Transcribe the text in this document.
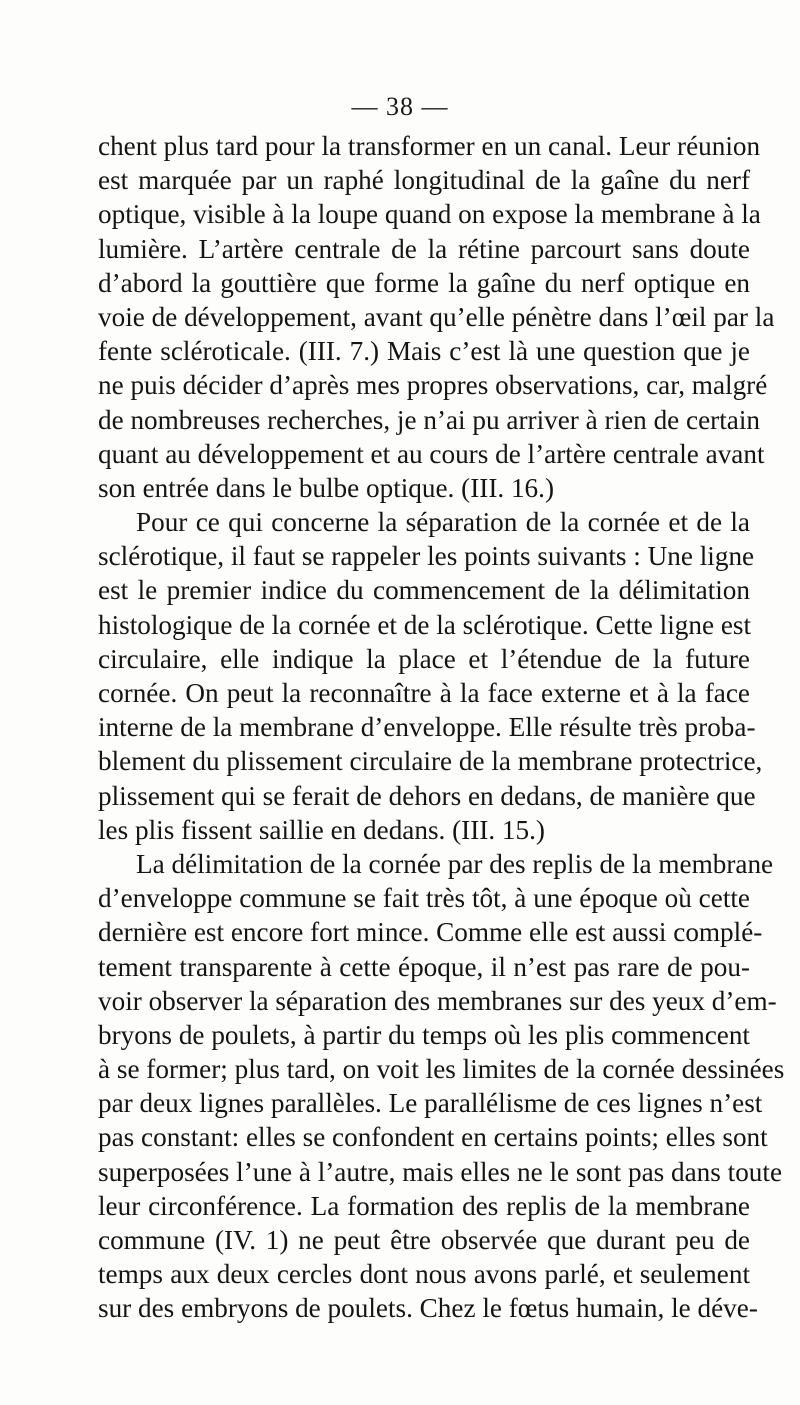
— 38 —
chent plus tard pour la transformer en un canal. Leur réunion
est marquée par un raphé longitudinal de la gaîne du nerf
optique, visible à la loupe quand on expose la membrane à la
lumière. L’artère centrale de la rétine parcourt sans doute
d’abord la gouttière que forme la gaîne du nerf optique en
voie de développement, avant qu’elle pénètre dans l’œil par la
fente scléroticale. (III. 7.) Mais c’est là une question que je
ne puis décider d’après mes propres observations, car, malgré
de nombreuses recherches, je n’ai pu arriver à rien de certain
quant au développement et au cours de l’artère centrale avant
son entrée dans le bulbe optique. (III. 16.)
Pour ce qui concerne la séparation de la cornée et de la
sclérotique, il faut se rappeler les points suivants : Une ligne
est le premier indice du commencement de la délimitation
histologique de la cornée et de la sclérotique. Cette ligne est
circulaire, elle indique la place et l’étendue de la future
cornée. On peut la reconnaître à la face externe et à la face
interne de la membrane d’enveloppe. Elle résulte très proba-
blement du plissement circulaire de la membrane protectrice,
plissement qui se ferait de dehors en dedans, de manière que
les plis fissent saillie en dedans. (III. 15.)
La délimitation de la cornée par des replis de la membrane
d’enveloppe commune se fait très tôt, à une époque où cette
dernière est encore fort mince. Comme elle est aussi complé-
tement transparente à cette époque, il n’est pas rare de pou-
voir observer la séparation des membranes sur des yeux d’em-
bryons de poulets, à partir du temps où les plis commencent
à se former; plus tard, on voit les limites de la cornée dessinées
par deux lignes parallèles. Le parallélisme de ces lignes n’est
pas constant: elles se confondent en certains points; elles sont
superposées l’une à l’autre, mais elles ne le sont pas dans toute
leur circonférence. La formation des replis de la membrane
commune (IV. 1) ne peut être observée que durant peu de
temps aux deux cercles dont nous avons parlé, et seulement
sur des embryons de poulets. Chez le fœtus humain, le déve-
